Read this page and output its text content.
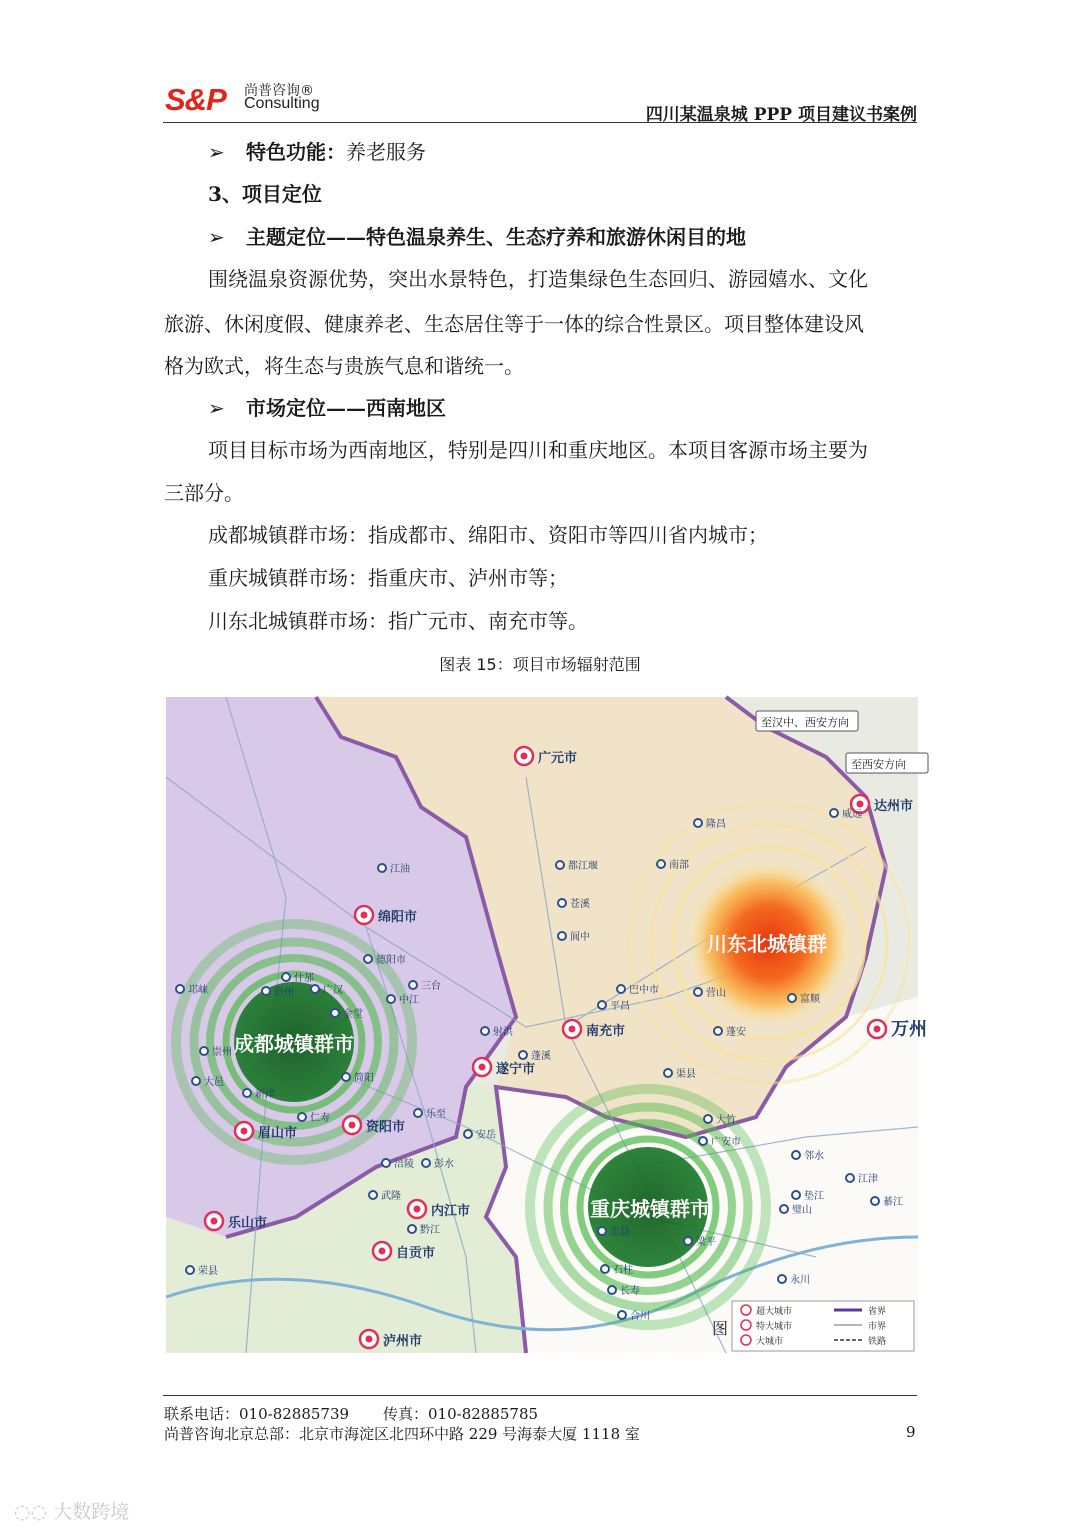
S&P 尚普咨询®
Consulting
四川某温泉城 PPP 项目建议书案例
➢ 特色功能：养老服务
3、项目定位
➢ 主题定位——特色温泉养生、生态疗养和旅游休闲目的地
围绕温泉资源优势，突出水景特色，打造集绿色生态回归、游园嬉水、文化
旅游、休闲度假、健康养老、生态居住等于一体的综合性景区。项目整体建设风
格为欧式，将生态与贵族气息和谐统一。
➢ 市场定位——西南地区
项目目标市场为西南地区，特别是四川和重庆地区。本项目客源市场主要为
三部分。
成都城镇群市场：指成都市、绵阳市、资阳市等四川省内城市；
重庆城镇群市场：指重庆市、泸州市等；
川东北城镇群市场：指广元市、南充市等。
图表 15：项目市场辐射范围
成都城镇群市
重庆城镇群市
川东北城镇群
至汉中、西安方向
至西安方向
绵阳市
南充市
遂宁市
内江市
自贡市
广元市
泸州市
资阳市
眉山市
乐山市
达州市
万州
江油
德阳市
什邡
彭州	广汉
金堂
中江
三台
射洪
蓬溪
安岳
乐至
简阳
仁寿
新津
崇州
大邑
邛崃
都江堰
苍溪
阆中
南部
巴中市
平昌
营山
蓬安
渠县
大竹
广安市
邻水
垫江
梁平
忠县
石柱
长寿
合川
璧山
永川
江津
綦江
涪陵
武隆
彭水
黔江
荣县
威远
隆昌
富顺
图
超大城市
特大城市
大城市
省界
市界
铁路
联系电话：010-82885739 传真：010-82885785
尚普咨询北京总部：北京市海淀区北四环中路 229 号海泰大厦 1118 室	9
◌◌ 大数跨境
